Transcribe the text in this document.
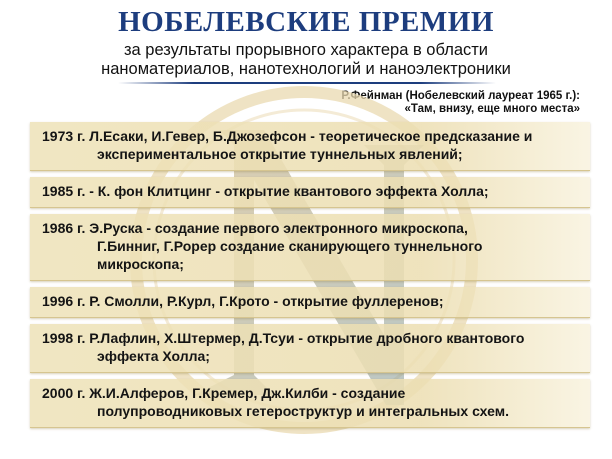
НОБЕЛЕВСКИЕ ПРЕМИИ
за результаты прорывного характера в области
наноматериалов, нанотехнологий и наноэлектроники
Р.Фейнман (Нобелевский лауреат 1965 г.):
«Там, внизу, еще много места»
1973 г. Л.Есаки, И.Гевер, Б.Джозефсон - теоретическое предсказание и
экспериментальное открытие туннельных явлений;
1985 г. - К. фон Клитцинг - открытие квантового эффекта Холла;
1986 г. Э.Руска - создание первого электронного микроскопа,
Г.Бинниг, Г.Рорер создание сканирующего туннельного
микроскопа;
1996 г. Р. Смолли, Р.Курл, Г.Крото - открытие фуллеренов;
1998 г. Р.Лафлин, Х.Штермер, Д.Тсуи - открытие дробного квантового
эффекта Холла;
2000 г. Ж.И.Алферов, Г.Кремер, Дж.Килби - создание
полупроводниковых гетероструктур и интегральных схем.
